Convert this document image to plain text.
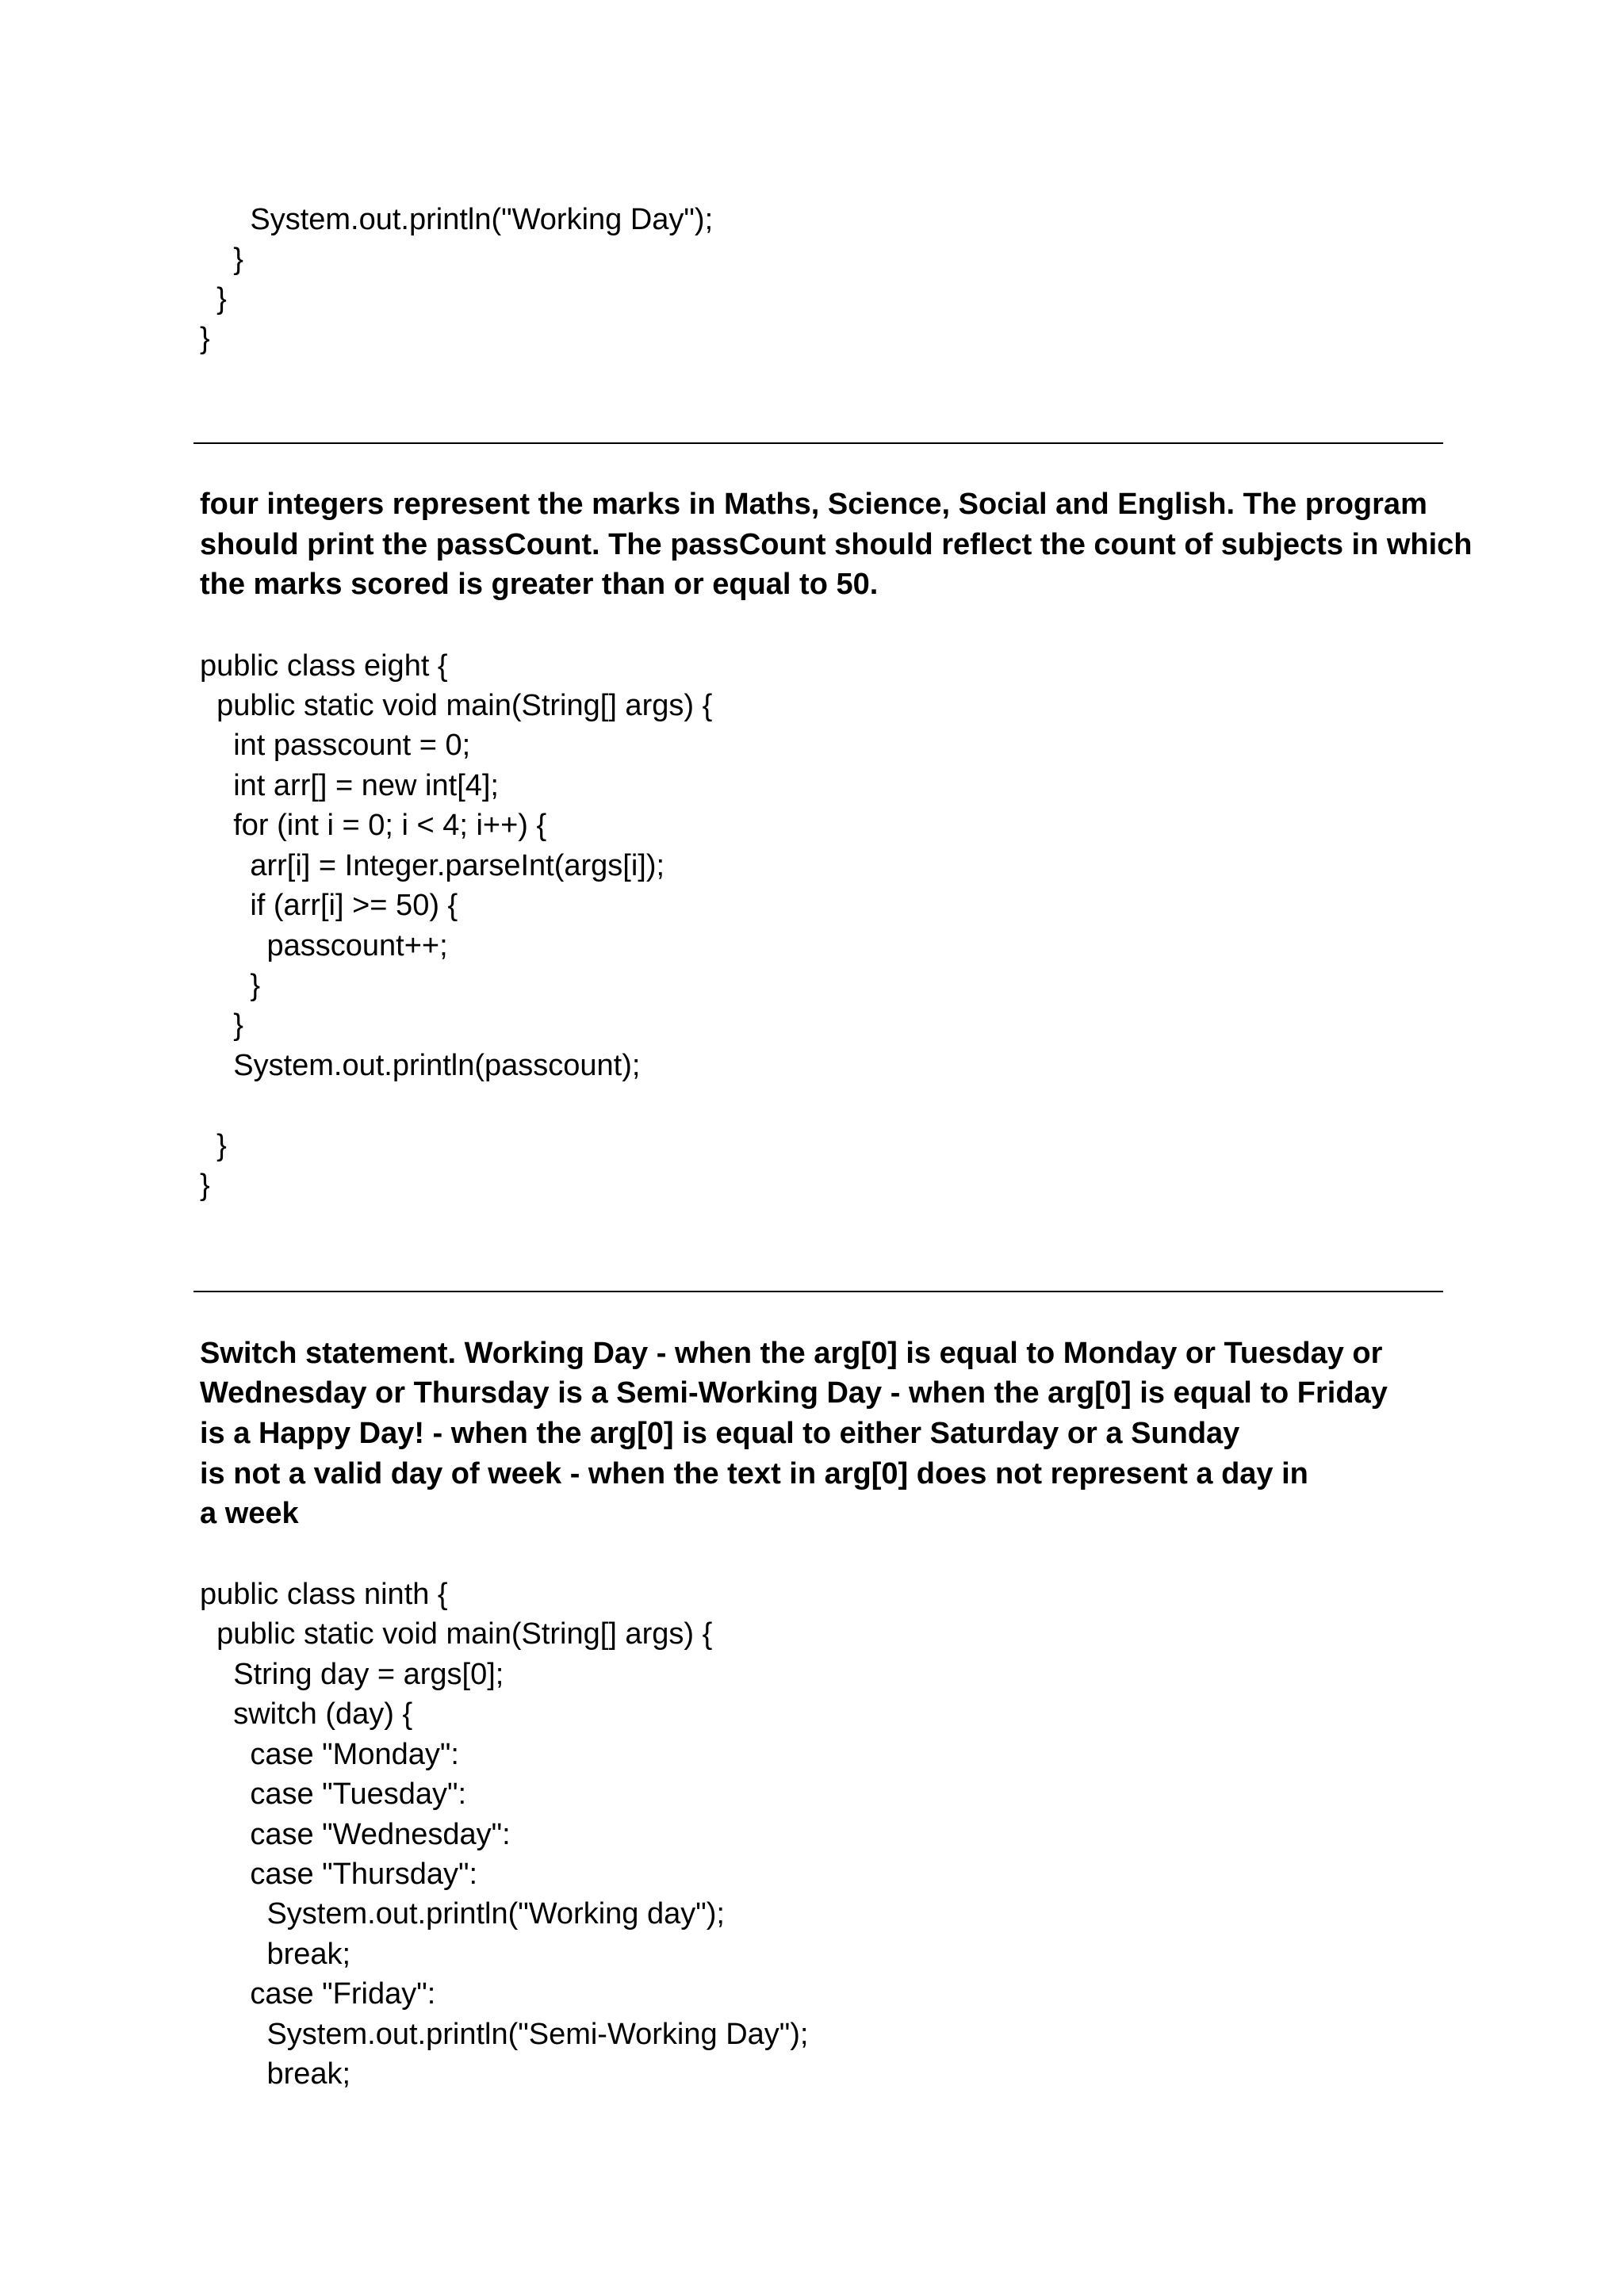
System.out.println("Working Day");

}

}

}

four integers represent the marks in Maths, Science, Social and English. The program

should print the passCount. The passCount should reflect the count of subjects in which

the marks scored is greater than or equal to 50.

public class eight {

public static void main(String[] args) {

int passcount = 0;

int arr[] = new int[4];

for (int i = 0; i < 4; i++) {

arr[i] = Integer.parseInt(args[i]);

if (arr[i] >= 50) {

passcount++;

}

}

System.out.println(passcount);

}

}

Switch statement. Working Day - when the arg[0] is equal to Monday or Tuesday or

Wednesday or Thursday is a Semi-Working Day - when the arg[0] is equal to Friday

is a Happy Day! - when the arg[0] is equal to either Saturday or a Sunday

is not a valid day of week - when the text in arg[0] does not represent a day in

a week

public class ninth {

public static void main(String[] args) {

String day = args[0];

switch (day) {

case "Monday":

case "Tuesday":

case "Wednesday":

case "Thursday":

System.out.println("Working day");

break;

case "Friday":

System.out.println("Semi-Working Day");

break;
